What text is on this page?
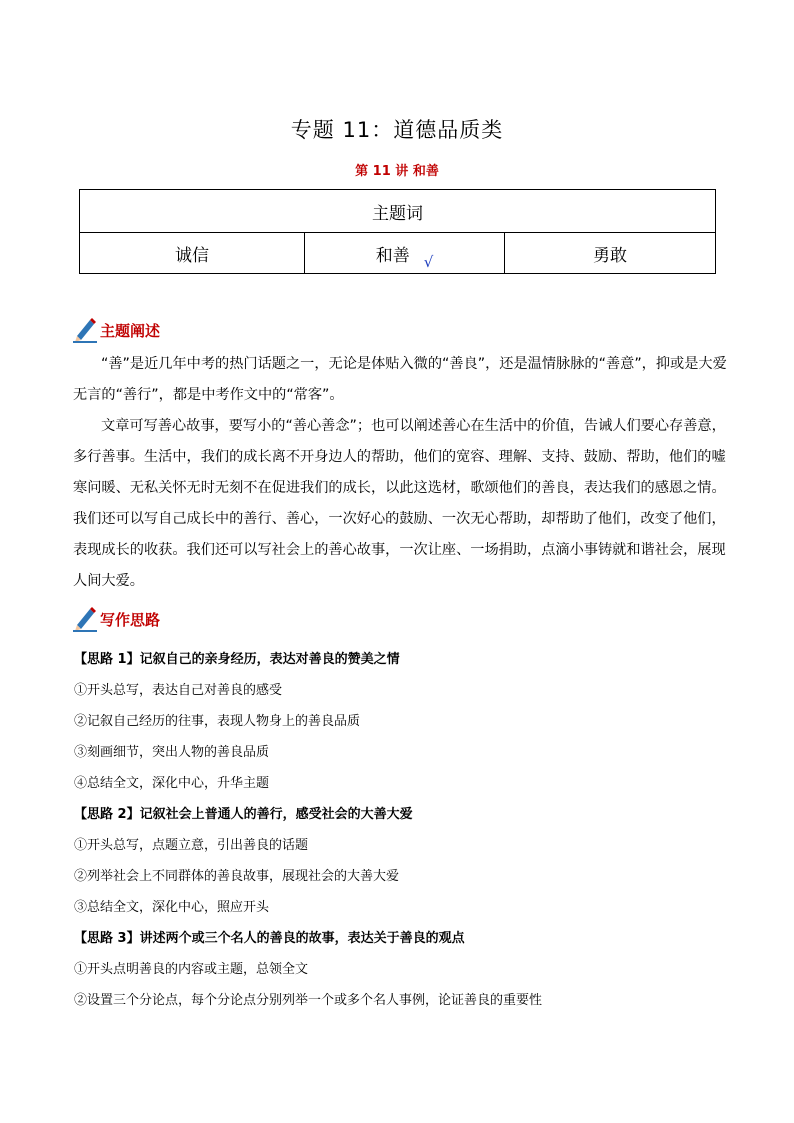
专题 11：道德品质类
第 11 讲 和善
主题词
诚信	和善 √	勇敢
主题阐述

“善”是近几年中考的热门话题之一，无论是体贴入微的“善良”，还是温情脉脉的“善意”，抑或是大爱无言的“善行”，都是中考作文中的“常客”。

文章可写善心故事，要写小的“善心善念”；也可以阐述善心在生活中的价值，告诫人们要心存善意，多行善事。生活中，我们的成长离不开身边人的帮助，他们的宽容、理解、支持、鼓励、帮助，他们的嘘寒问暖、无私关怀无时无刻不在促进我们的成长，以此这选材，歌颂他们的善良，表达我们的感恩之情。我们还可以写自己成长中的善行、善心，一次好心的鼓励、一次无心帮助，却帮助了他们，改变了他们，表现成长的收获。我们还可以写社会上的善心故事，一次让座、一场捐助，点滴小事铸就和谐社会，展现人间大爱。

写作思路
【思路 1】记叙自己的亲身经历，表达对善良的赞美之情
①开头总写，表达自己对善良的感受
②记叙自己经历的往事，表现人物身上的善良品质
③刻画细节，突出人物的善良品质
④总结全文，深化中心，升华主题
【思路 2】记叙社会上普通人的善行，感受社会的大善大爱
①开头总写，点题立意，引出善良的话题
②列举社会上不同群体的善良故事，展现社会的大善大爱
③总结全文，深化中心，照应开头
【思路 3】讲述两个或三个名人的善良的故事，表达关于善良的观点
①开头点明善良的内容或主题，总领全文
②设置三个分论点，每个分论点分别列举一个或多个名人事例，论证善良的重要性
